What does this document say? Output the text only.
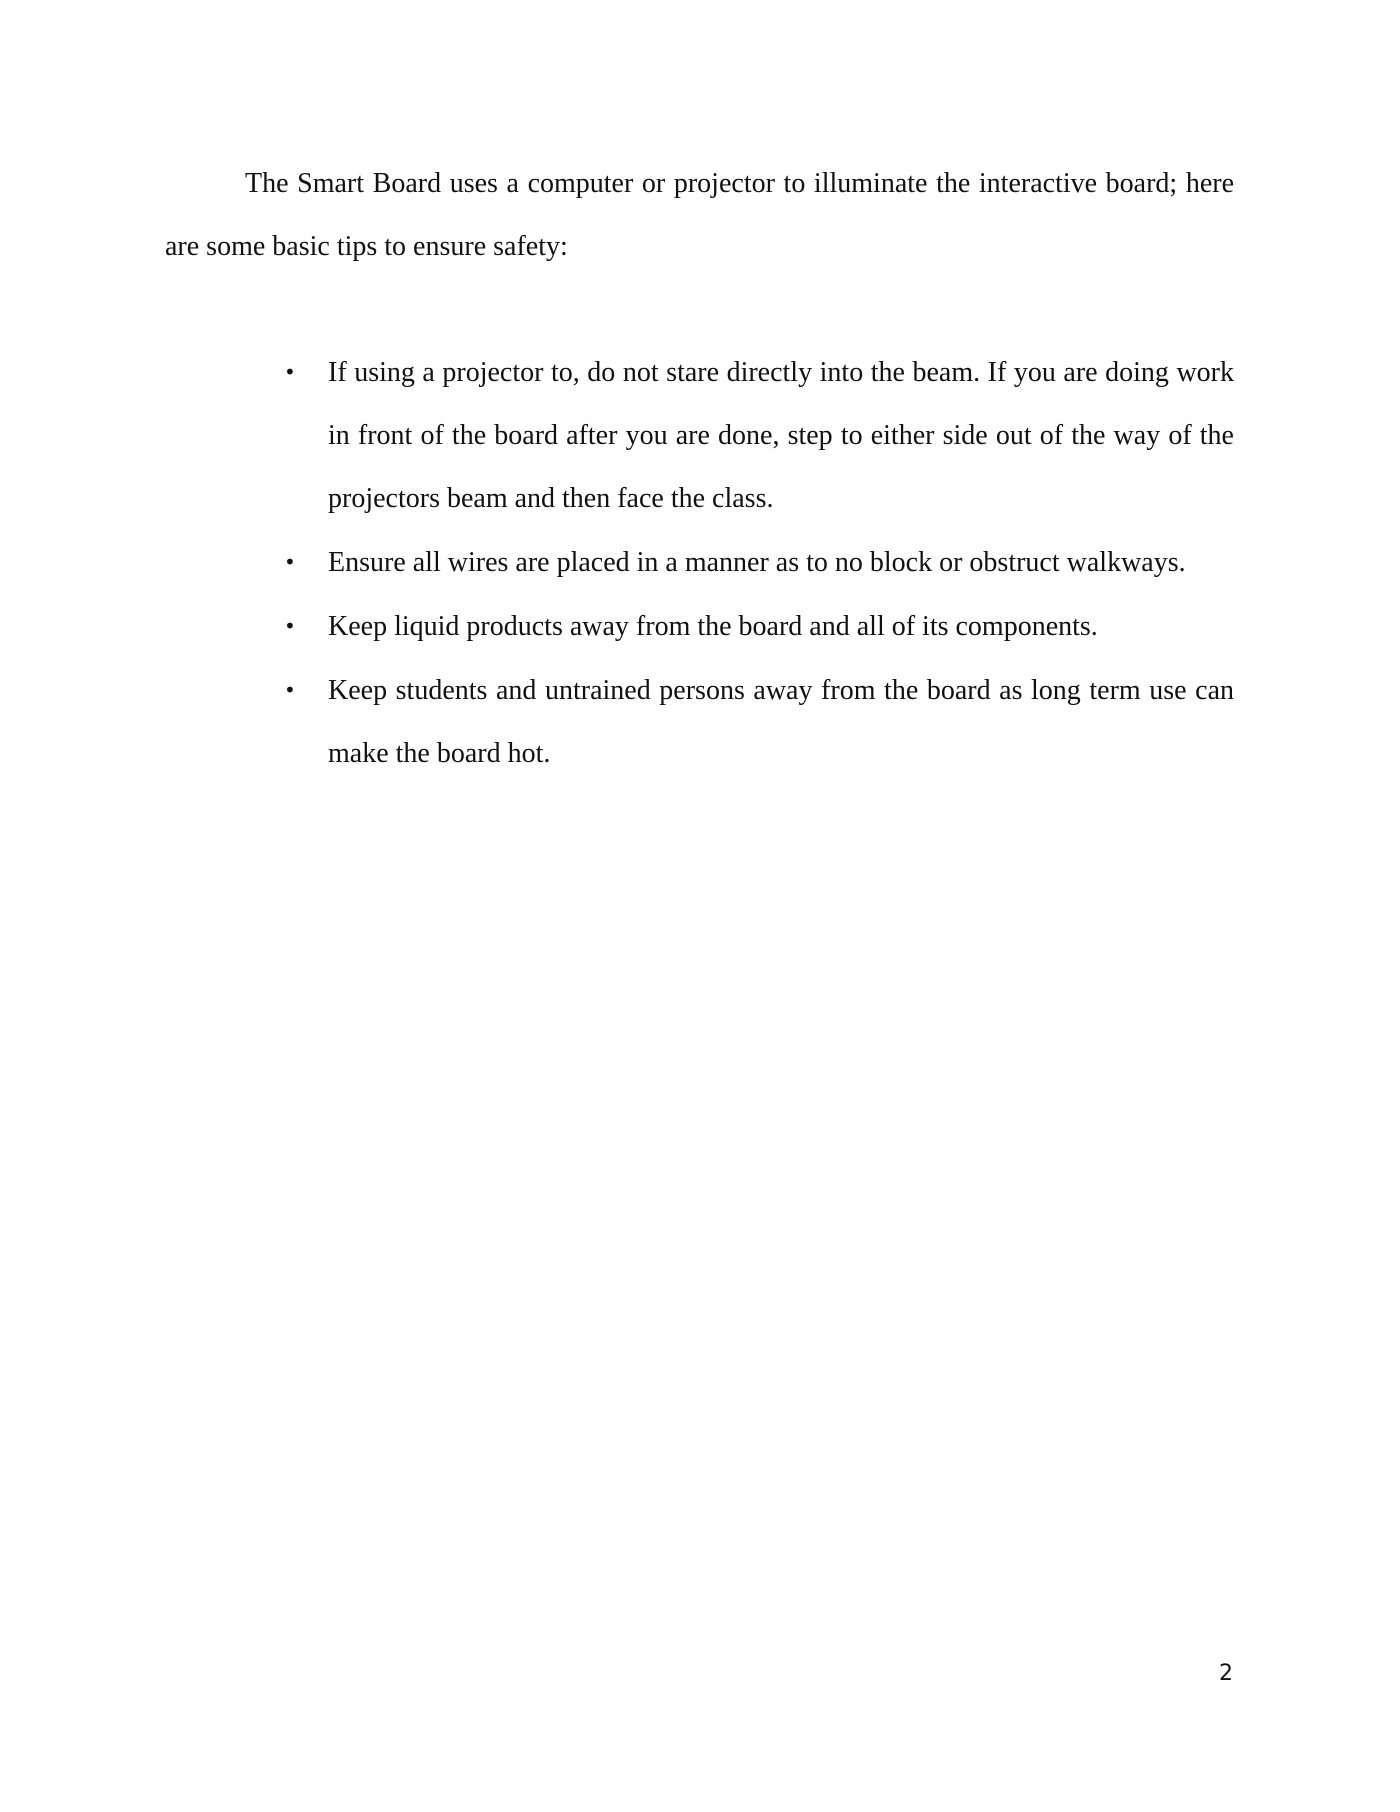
The Smart Board uses a computer or projector to illuminate the interactive board; here are some basic tips to ensure safety:

• If using a projector to, do not stare directly into the beam. If you are doing work in front of the board after you are done, step to either side out of the way of the projectors beam and then face the class.
• Ensure all wires are placed in a manner as to no block or obstruct walkways.
• Keep liquid products away from the board and all of its components.
• Keep students and untrained persons away from the board as long term use can make the board hot.
2
